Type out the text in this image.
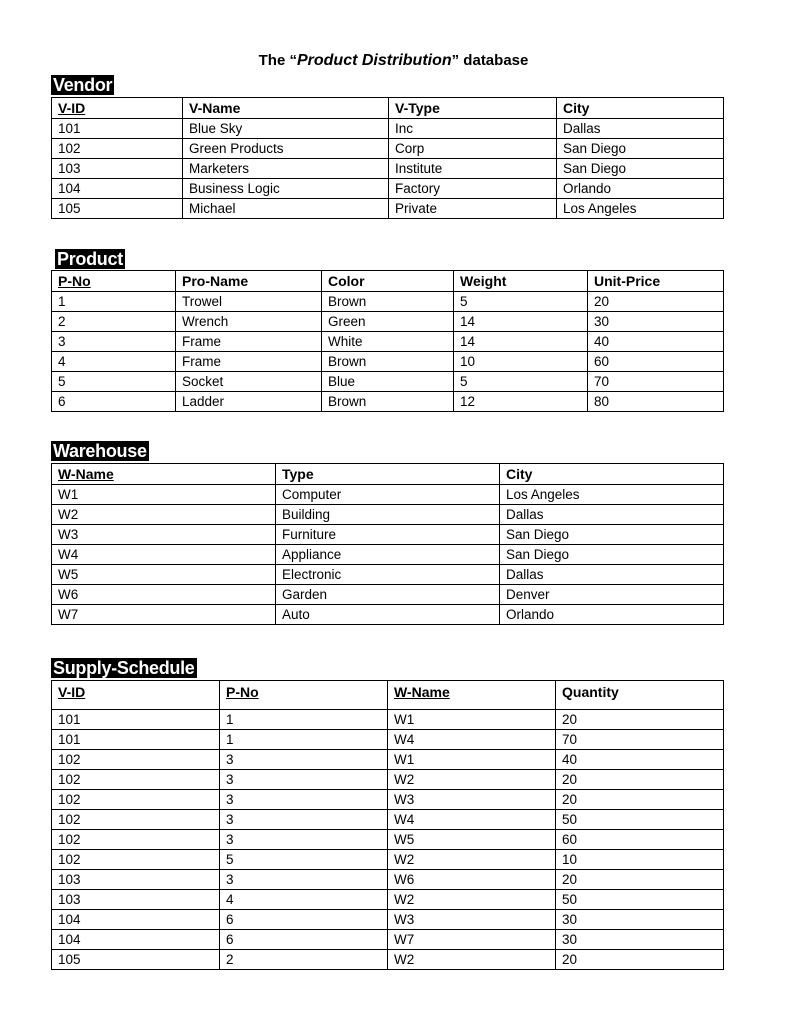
The “Product Distribution” database
Vendor
V-ID	V-Name	V-Type	City
101	Blue Sky	Inc	Dallas
102	Green Products	Corp	San Diego
103	Marketers	Institute	San Diego
104	Business Logic	Factory	Orlando
105	Michael	Private	Los Angeles
Product
P-No	Pro-Name	Color	Weight	Unit-Price
1	Trowel	Brown	5	20
2	Wrench	Green	14	30
3	Frame	White	14	40
4	Frame	Brown	10	60
5	Socket	Blue	5	70
6	Ladder	Brown	12	80
Warehouse
W-Name	Type	City
W1	Computer	Los Angeles
W2	Building	Dallas
W3	Furniture	San Diego
W4	Appliance	San Diego
W5	Electronic	Dallas
W6	Garden	Denver
W7	Auto	Orlando
Supply-Schedule
V-ID	P-No	W-Name	Quantity
101	1	W1	20
101	1	W4	70
102	3	W1	40
102	3	W2	20
102	3	W3	20
102	3	W4	50
102	3	W5	60
102	5	W2	10
103	3	W6	20
103	4	W2	50
104	6	W3	30
104	6	W7	30
105	2	W2	20
